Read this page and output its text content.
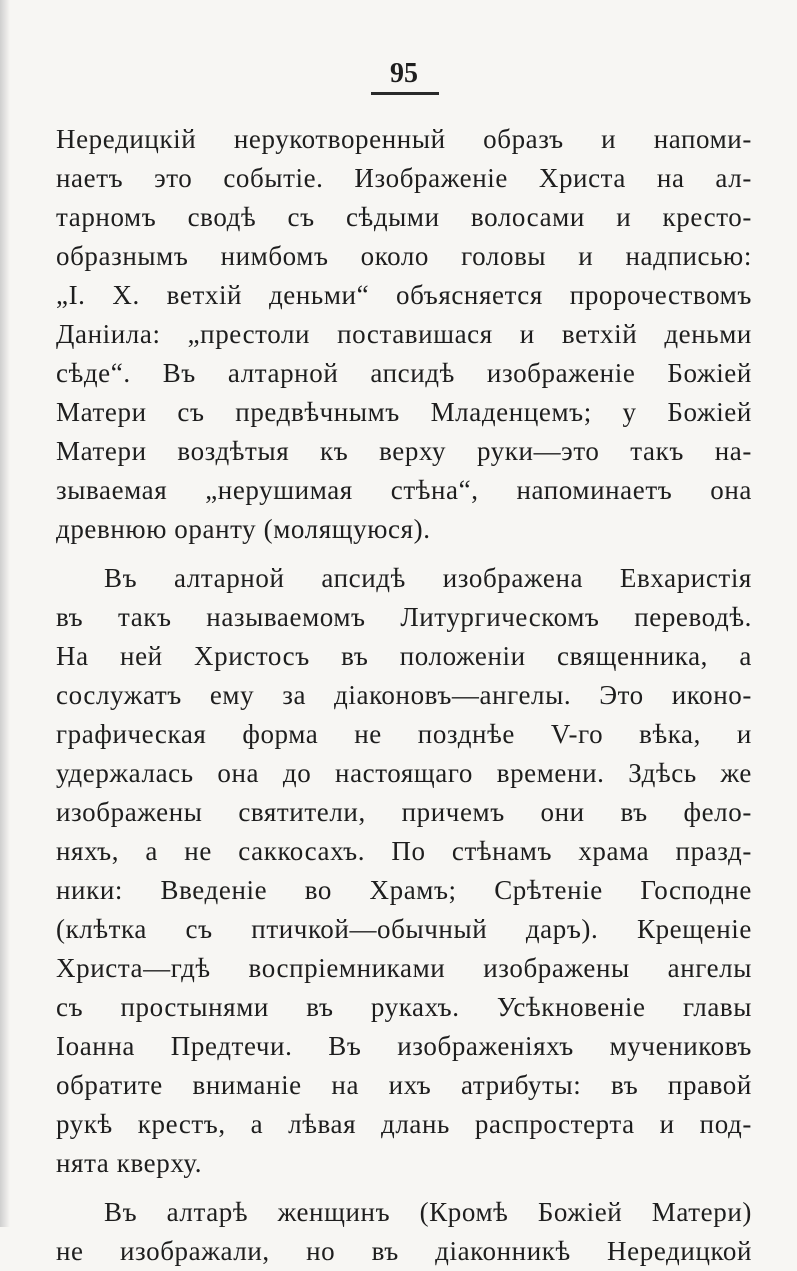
95
Нередицкій нерукотворенный образъ и напоми-
наетъ это событіе. Изображеніе Христа на ал-
тарномъ сводѣ съ сѣдыми волосами и кресто-
образнымъ нимбомъ около головы и надписью:
„І. Х. ветхій деньми“ объясняется пророчествомъ
Даніила: „престоли поставишася и ветхій деньми
сѣде“. Въ алтарной апсидѣ изображеніе Божіей
Матери съ предвѣчнымъ Младенцемъ; у Божіей
Матери воздѣтыя къ верху руки—это такъ на-
зываемая „нерушимая стѣна“, напоминаетъ она
древнюю оранту (молящуюся).
Въ алтарной апсидѣ изображена Евхаристія
въ такъ называемомъ Литургическомъ переводѣ.
На ней Христосъ въ положеніи священника, а
сослужатъ ему за діаконовъ—ангелы. Это иконо-
графическая форма не позднѣе V-го вѣка, и
удержалась она до настоящаго времени. Здѣсь же
изображены святители, причемъ они въ фело-
няхъ, а не саккосахъ. По стѣнамъ храма празд-
ники: Введеніе во Храмъ; Срѣтеніе Господне
(клѣтка съ птичкой—обычный даръ). Крещеніе
Христа—гдѣ воспріемниками изображены ангелы
съ простынями въ рукахъ. Усѣкновеніе главы
Іоанна Предтечи. Въ изображеніяхъ мучениковъ
обратите вниманіе на ихъ атрибуты: въ правой
рукѣ крестъ, а лѣвая длань распростерта и под-
нята кверху.
Въ алтарѣ женщинъ (Кромѣ Божіей Матери)
не изображали, но въ діаконникѣ Нередицкой
